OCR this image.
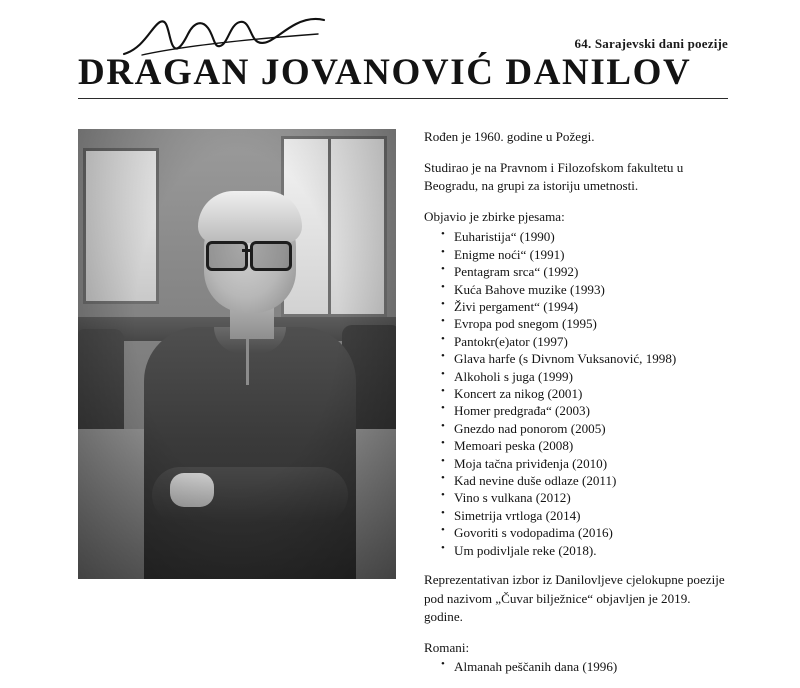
64. Sarajevski dani poezije
DRAGAN JOVANOVIĆ DANILOV

Rođen je 1960. godine u Požegi.

Studirao je na Pravnom i Filozofskom fakultetu u Beogradu, na grupi za istoriju umetnosti.

Objavio je zbirke pjesama:

• Euharistija“ (1990)
• Enigme noći“ (1991)
• Pentagram srca“ (1992)
• Kuća Bahove muzike (1993)
• Živi pergament“ (1994)
• Evropa pod snegom (1995)
• Pantokr(e)ator (1997)
• Glava harfe (s Divnom Vuksanović, 1998)
• Alkoholi s juga (1999)
• Koncert za nikog (2001)
• Homer predgrađa“ (2003)
• Gnezdo nad ponorom (2005)
• Memoari peska (2008)
• Moja tačna priviđenja (2010)
• Kad nevine duše odlaze (2011)
• Vino s vulkana (2012)
• Simetrija vrtloga (2014)
• Govoriti s vodopadima (2016)
• Um podivljale reke (2018).

Reprezentativan izbor iz Danilovljeve cjelokupne poezije pod nazivom „Čuvar bilježnice“ objavljen je 2019. godine.

Romani:

• Almanah peščanih dana (1996)
